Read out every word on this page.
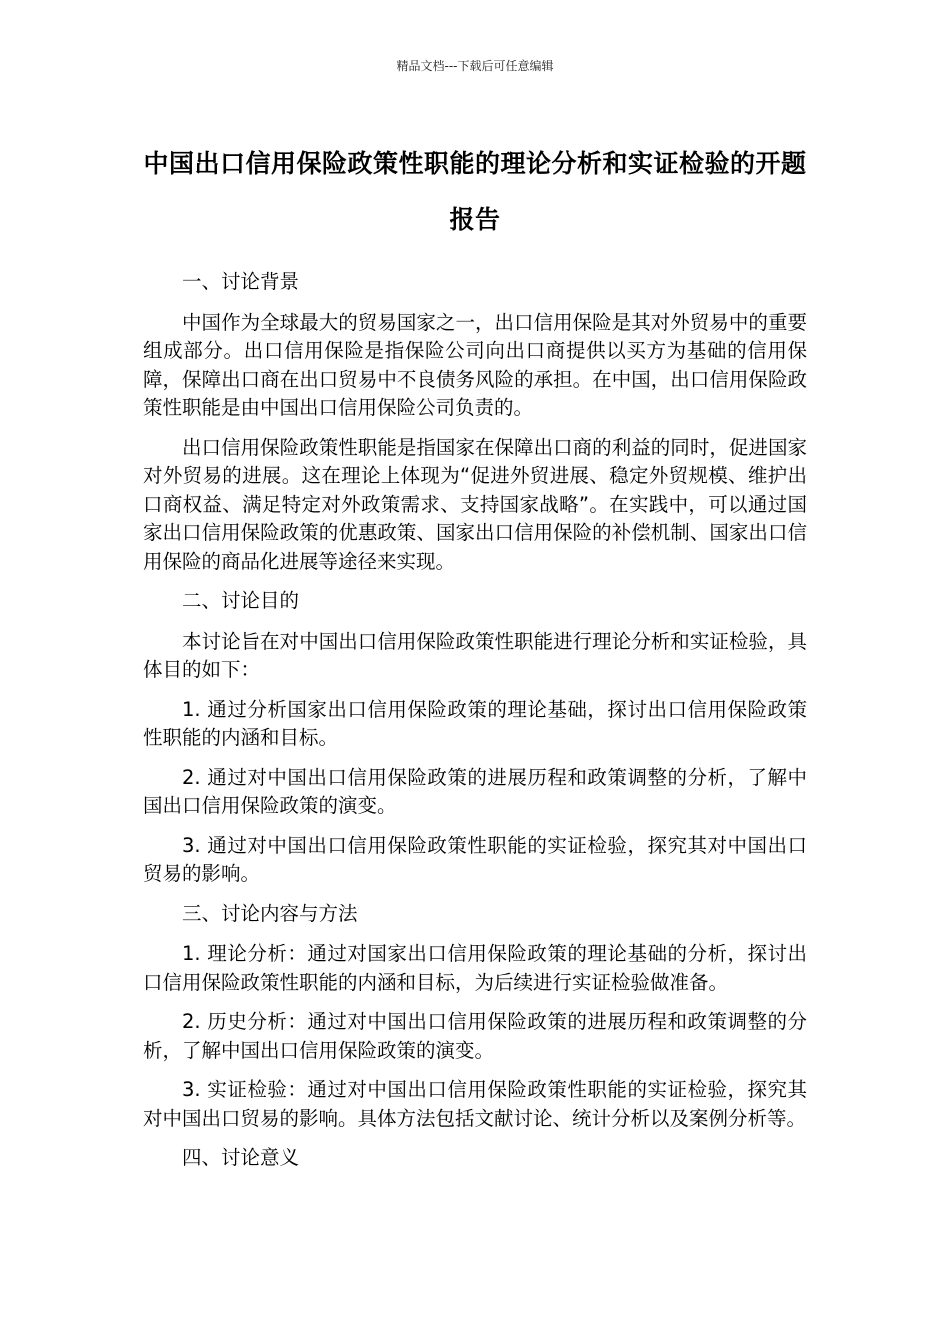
精品文档---下载后可任意编辑
中国出口信用保险政策性职能的理论分析和实证检验的开题报告

一、讨论背景

中国作为全球最大的贸易国家之一，出口信用保险是其对外贸易中的重要组成部分。出口信用保险是指保险公司向出口商提供以买方为基础的信用保障，保障出口商在出口贸易中不良债务风险的承担。在中国，出口信用保险政策性职能是由中国出口信用保险公司负责的。

出口信用保险政策性职能是指国家在保障出口商的利益的同时，促进国家对外贸易的进展。这在理论上体现为“促进外贸进展、稳定外贸规模、维护出口商权益、满足特定对外政策需求、支持国家战略”。在实践中，可以通过国家出口信用保险政策的优惠政策、国家出口信用保险的补偿机制、国家出口信用保险的商品化进展等途径来实现。

二、讨论目的

本讨论旨在对中国出口信用保险政策性职能进行理论分析和实证检验，具体目的如下：

1. 通过分析国家出口信用保险政策的理论基础，探讨出口信用保险政策性职能的内涵和目标。

2. 通过对中国出口信用保险政策的进展历程和政策调整的分析，了解中国出口信用保险政策的演变。

3. 通过对中国出口信用保险政策性职能的实证检验，探究其对中国出口贸易的影响。

三、讨论内容与方法

1. 理论分析：通过对国家出口信用保险政策的理论基础的分析，探讨出口信用保险政策性职能的内涵和目标，为后续进行实证检验做准备。

2. 历史分析：通过对中国出口信用保险政策的进展历程和政策调整的分析，了解中国出口信用保险政策的演变。

3. 实证检验：通过对中国出口信用保险政策性职能的实证检验，探究其对中国出口贸易的影响。具体方法包括文献讨论、统计分析以及案例分析等。

四、讨论意义
